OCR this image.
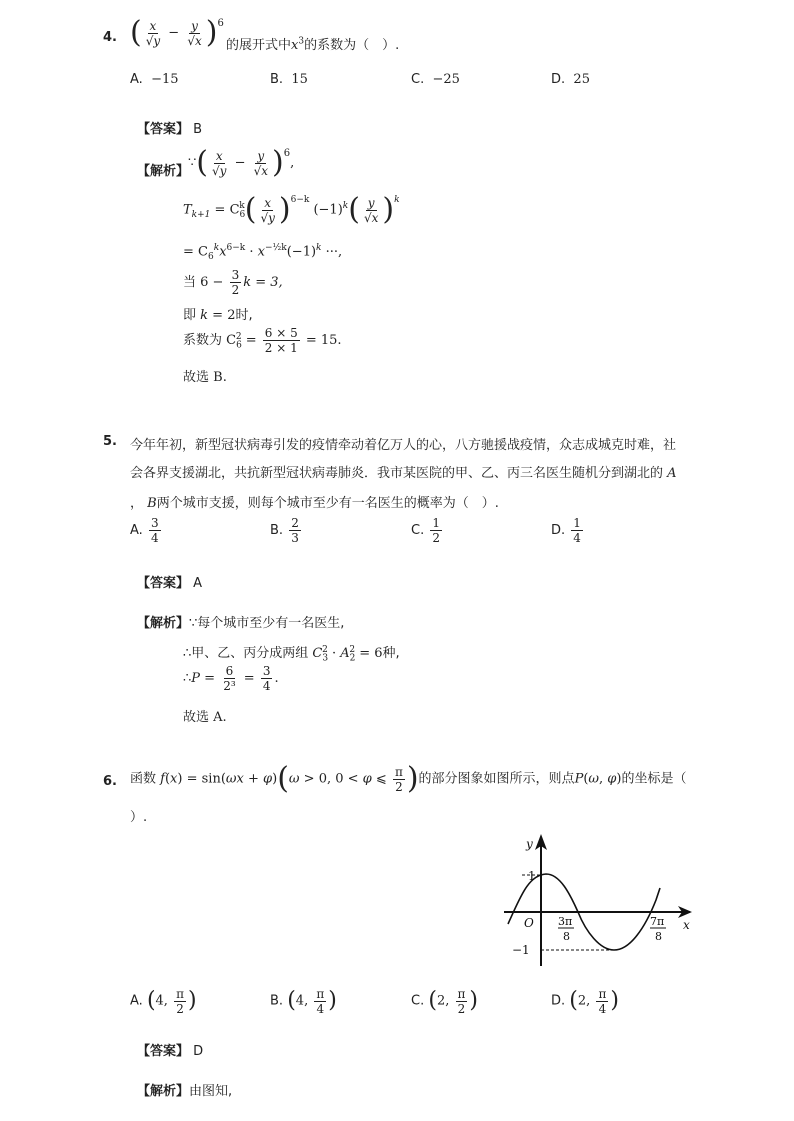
4. ( $\frac{x}{√y} - \frac{y}{√x} )^6$
的展开式中$x^3$的系数为（　）.
A. −15	B. 15	C. −25	D. 25
【答案】 B
【解析】
∵( $\frac{x}{√y} - \frac{y}{√x} )^6$,
$T_{k+1} = C_6^k( \frac{x}{√y} )^{6-k}$ $(-1)^k( \frac{y}{√x} )^k$
= $C_6^kx^{6-k} \cdot x^{-\frac{1}{2}k}(-1)^k$ ···,
当 $6 - \frac{3}{2}$ k = 3,
即 k = 2时,
系数为 $C_6^2 = \frac{6 \times 5}{2 \times 1} = 15$.
故选 B.
5. 今年年初，新型冠状病毒引发的疫情牵动着亿万人的心，八方驰援战疫情，众志成城克时难，社
会各界支援湖北，共抗新型冠状病毒肺炎．我市某医院的甲、乙、丙三名医生随机分到湖北的 A
， B两个城市支援，则每个城市至少有一名医生的概率为（　）.
A. $\frac{3}{4}$	B. $\frac{2}{3}$	C. $\frac{1}{2}$	D. $\frac{1}{4}$
【答案】 A
【解析】∵每个城市至少有一名医生,
∴甲、乙、丙分成两组 $C_3^2 \cdot A_2^2 = 6$种,
∴P = $\frac{6}{\text{2³}} = \frac{3}{4}$ .
故选 A.
6. 函数 f(x) = sin(ωx + φ)(ω > 0, 0 < φ ⩽ $\frac{\pi}{2}$ )的部分图象如图所示，则点P(ω, φ)的坐标是（
）.
y
x
O
1
−1
3π
8
7π
8
A. (4, $\frac{\pi}{2}$ )	B. (4, $\frac{\pi}{4}$ )	C. (2, $\frac{\pi}{2}$ )	D. (2, $\frac{\pi}{4}$ )
【答案】 D
【解析】由图知,
